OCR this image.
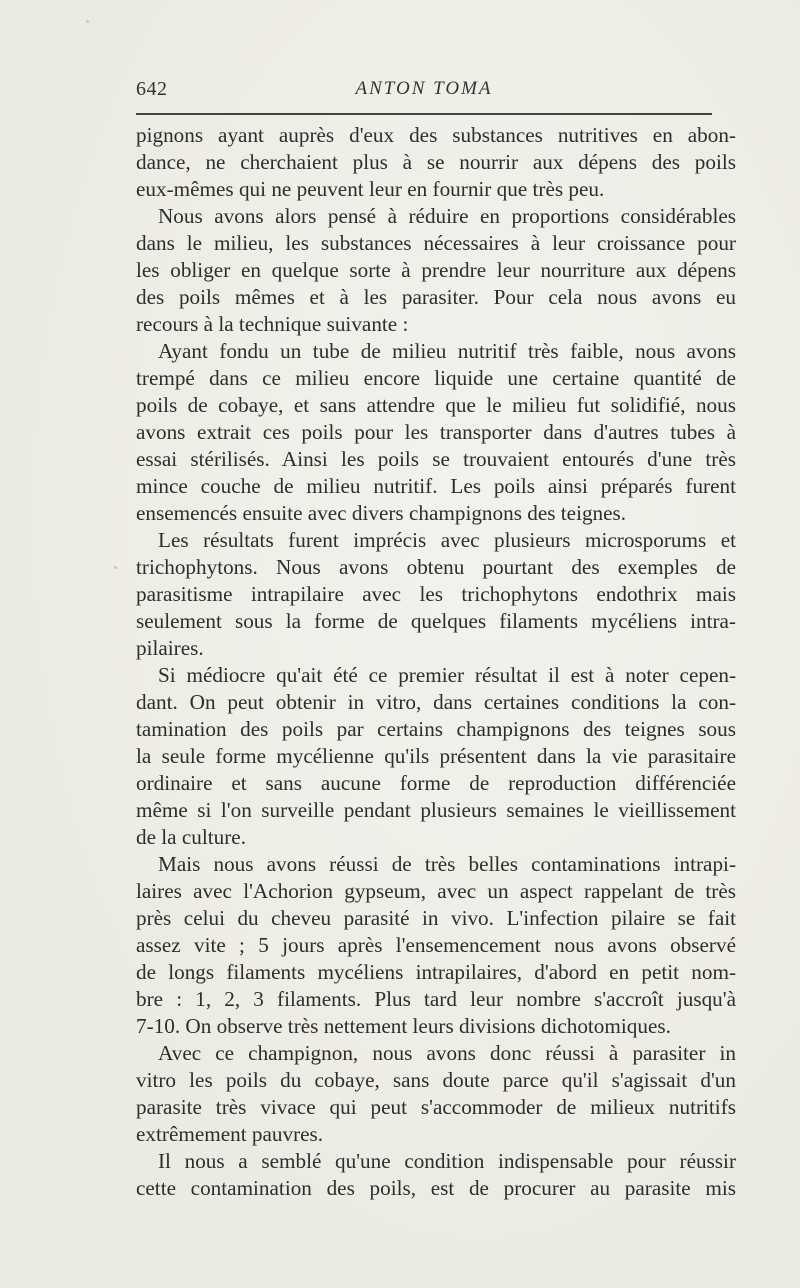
642	ANTON TOMA
pignons ayant auprès d'eux des substances nutritives en abon-
dance, ne cherchaient plus à se nourrir aux dépens des poils
eux-mêmes qui ne peuvent leur en fournir que très peu.
Nous avons alors pensé à réduire en proportions considérables
dans le milieu, les substances nécessaires à leur croissance pour
les obliger en quelque sorte à prendre leur nourriture aux dépens
des poils mêmes et à les parasiter. Pour cela nous avons eu
recours à la technique suivante :
Ayant fondu un tube de milieu nutritif très faible, nous avons
trempé dans ce milieu encore liquide une certaine quantité de
poils de cobaye, et sans attendre que le milieu fut solidifié, nous
avons extrait ces poils pour les transporter dans d'autres tubes à
essai stérilisés. Ainsi les poils se trouvaient entourés d'une très
mince couche de milieu nutritif. Les poils ainsi préparés furent
ensemencés ensuite avec divers champignons des teignes.
Les résultats furent imprécis avec plusieurs microsporums et
trichophytons. Nous avons obtenu pourtant des exemples de
parasitisme intrapilaire avec les trichophytons endothrix mais
seulement sous la forme de quelques filaments mycéliens intra-
pilaires.
Si médiocre qu'ait été ce premier résultat il est à noter cepen-
dant. On peut obtenir in vitro, dans certaines conditions la con-
tamination des poils par certains champignons des teignes sous
la seule forme mycélienne qu'ils présentent dans la vie parasitaire
ordinaire et sans aucune forme de reproduction différenciée
même si l'on surveille pendant plusieurs semaines le vieillissement
de la culture.
Mais nous avons réussi de très belles contaminations intrapi-
laires avec l'Achorion gypseum, avec un aspect rappelant de très
près celui du cheveu parasité in vivo. L'infection pilaire se fait
assez vite ; 5 jours après l'ensemencement nous avons observé
de longs filaments mycéliens intrapilaires, d'abord en petit nom-
bre : 1, 2, 3 filaments. Plus tard leur nombre s'accroît jusqu'à
7-10. On observe très nettement leurs divisions dichotomiques.
Avec ce champignon, nous avons donc réussi à parasiter in
vitro les poils du cobaye, sans doute parce qu'il s'agissait d'un
parasite très vivace qui peut s'accommoder de milieux nutritifs
extrêmement pauvres.
Il nous a semblé qu'une condition indispensable pour réussir
cette contamination des poils, est de procurer au parasite mis
